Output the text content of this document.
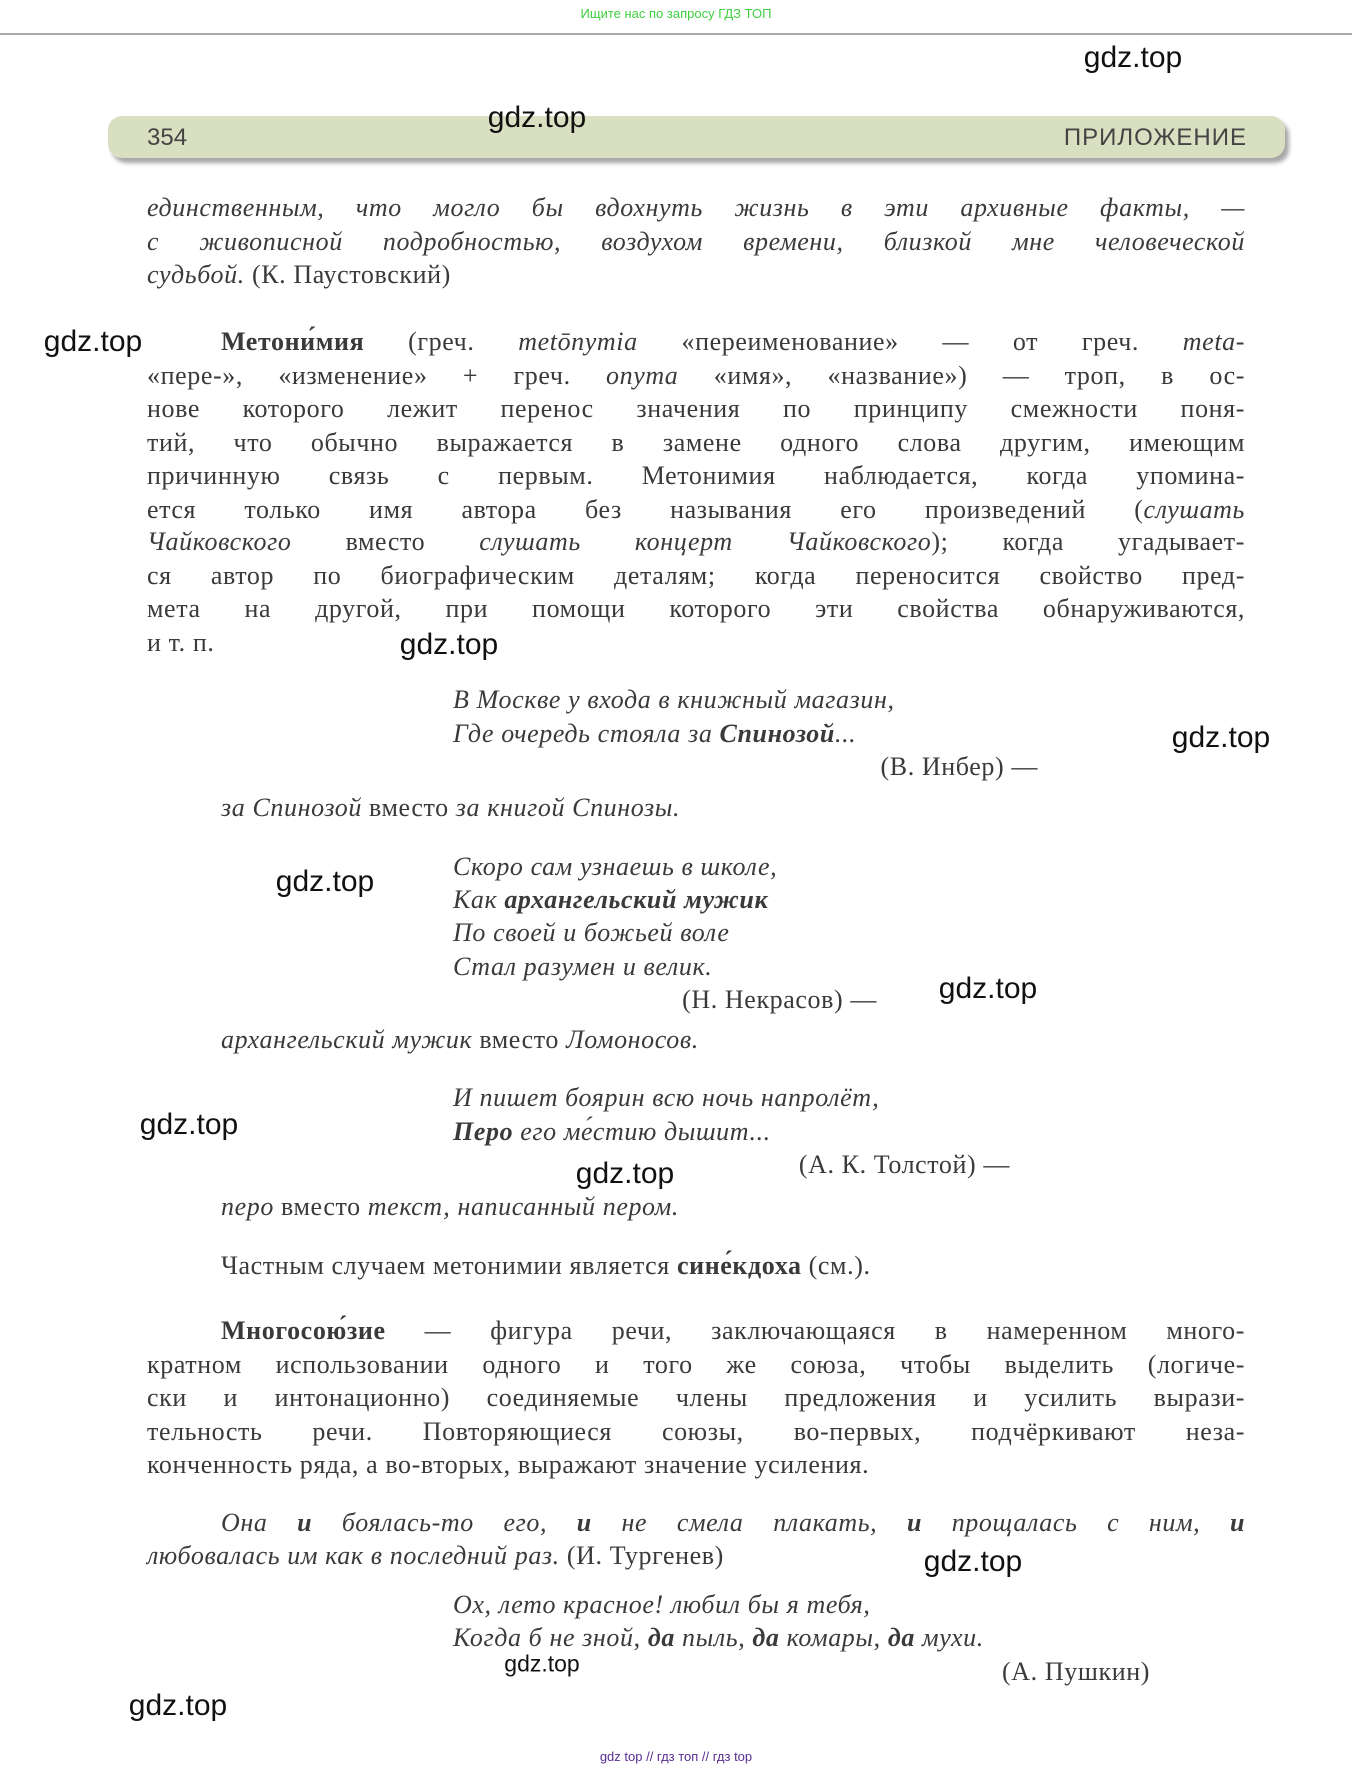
Ищите нас по запросу ГДЗ ТОП
354	ПРИЛОЖЕНИЕ
единственным, что могло бы вдохнуть жизнь в эти архивные факты, —
с живописной подробностью, воздухом времени, близкой мне человеческой
судьбой. (К. Паустовский)
Метони́мия (греч. metōnymia «переименование» — от греч. meta-
«пере-», «изменение» + греч. onyma «имя», «название») — троп, в ос-
нове которого лежит перенос значения по принципу смежности поня-
тий, что обычно выражается в замене одного слова другим, имеющим
причинную связь с первым. Метонимия наблюдается, когда упомина-
ется только имя автора без называния его произведений (слушать
Чайковского вместо слушать концерт Чайковского); когда угадывает-
ся автор по биографическим деталям; когда переносится свойство пред-
мета на другой, при помощи которого эти свойства обнаруживаются,
и т. п.
В Москве у входа в книжный магазин,
Где очередь стояла за Спинозой...
(В. Инбер) —
за Спинозой вместо за книгой Спинозы.
Скоро сам узнаешь в школе,
Как архангельский мужик
По своей и божьей воле
Стал разумен и велик.
(Н. Некрасов) —
архангельский мужик вместо Ломоносов.
И пишет боярин всю ночь напролёт,
Перо его ме́стию дышит...
(А. К. Толстой) —
перо вместо текст, написанный пером.
Частным случаем метонимии является сине́кдоха (см.).
Многосою́зие — фигура речи, заключающаяся в намеренном много-
кратном использовании одного и того же союза, чтобы выделить (логиче-
ски и интонационно) соединяемые члены предложения и усилить вырази-
тельность речи. Повторяющиеся союзы, во-первых, подчёркивают неза-
конченность ряда, а во-вторых, выражают значение усиления.
Она и боялась-то его, и не смела плакать, и прощалась с ним, и
любовалась им как в последний раз. (И. Тургенев)
Ох, лето красное! любил бы я тебя,
Когда б не зной, да пыль, да комары, да мухи.
(А. Пушкин)
gdz.top
gdz.top
gdz.top
gdz.top
gdz.top
gdz.top
gdz.top
gdz.top
gdz.top
gdz.top
gdz.top
gdz.top
gdz top // гдз топ // гдз top
